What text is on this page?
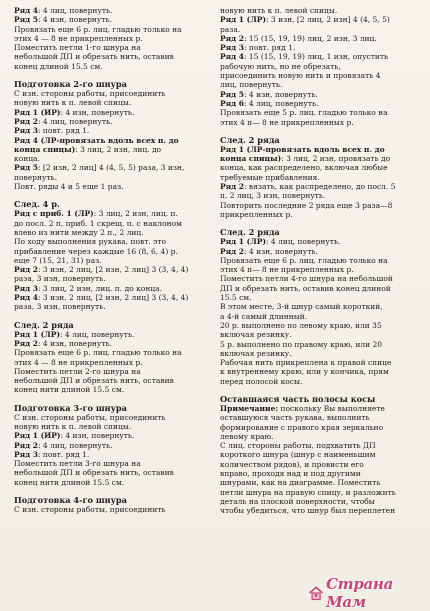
Ряд 4: 4 лиц, повернуть.
Ряд 5: 4 изн, повернуть.
Провязать еще 6 р. лиц. гладью только на
этих 4 — 8 не прикрепленных р.
Поместить петли 1-го шнура на
небольшой ДП и обрезать нить, оставив
конец длиной 15.5 см.
Подготовка 2-го шнура
С изн. стороны работы, присоединить
новую нить к п. левой спицы.
Ряд 1 (ИР): 4 изн, повернуть.
Ряд 2: 4 лиц, повернуть.
Ряд 3: повт. ряд 1.
Ряд 4 (ЛР-провязать вдоль всех п. до
конца спицы): 3 лиц, 2 изн, лиц. до
конца.
Ряд 5: [2 изн, 2 лиц] 4 (4, 5, 5) раза, 3 изн,
повернуть.
Повт. ряды 4 и 5 еще 1 раз.
След. 4 р.
Ряд с приб. 1 (ЛР): 3 лиц, 2 изн, лиц. п.
до посл. 2 п, приб. 1 скрещ. п. с наклоном
влево из нити между 2 п., 2 лиц.
По ходу выполнения рукава, повт. это
прибавление через каждые 16 (8, 6, 4) р.
еще 7 (15, 21, 31) раз.
Ряд 2: 3 изн, 2 лиц, [2 изн, 2 лиц] 3 (3, 4, 4)
раза, 3 изн, повернуть.
Ряд 3: 3 лиц, 2 изн, лиц. п. до конца.
Ряд 4: 3 изн, 2 лиц, [2 изн, 2 лиц] 3 (3, 4, 4)
раза, 3 изн, повернуть.
След. 2 ряда
Ряд 1 (ЛР): 4 лиц, повернуть.
Ряд 2: 4 изн, повернуть.
Провязать еще 6 р. лиц. гладью только на
этих 4 — 8 не прикрепленных р.
Поместить петли 2-го шнура на
небольшой ДП и обрезать нить, оставив
конец нити длиной 15.5 см.
Подготовка 3-го шнура
С изн. стороны работы, присоединить
новую нить к п. левой спицы.
Ряд 1 (ИР): 4 изн, повернуть.
Ряд 2: 4 лиц, повернуть.
Ряд 3: повт. ряд 1.
Поместить петли 3-го шнура на
небольшой ДП и обрезать нить, оставив
конец нити длиной 15.5 см.
Подготовка 4-го шнура
С изн. стороны работы, присоединить
новую нить к п. левой спицы.
Ряд 1 (ЛР): 3 изн, [2 лиц, 2 изн] 4 (4, 5, 5)
раза.
Ряд 2: 15 (15, 19, 19) лиц, 2 изн, 3 лиц.
Ряд 3: повт. ряд 1.
Ряд 4: 15 (15, 19, 19) лиц, 1 изн, опустить
рабочую нить, но не обрезать,
присоединить новую нить и провязать 4
лиц, повернуть.
Ряд 5: 4 изн, повернуть.
Ряд 6: 4 лиц, повернуть.
Провязать еще 5 р. лиц. гладью только на
этих 4 п— 8 не прикрепленных р.
След. 2 ряда
Ряд 1 (ЛР-провязать вдоль всех п. до
конца спицы): 3 лиц, 2 изн, провязать до
конца, как распределено, включая любые
требуемые прибавления.
Ряд 2: вязать, как распределено, до посл. 5
п, 2 лиц, 3 изн, повернуть.
Повторить последние 2 ряда еще 3 раза—8
прикрепленных р.
След. 2 ряда
Ряд 1 (ЛР): 4 лиц, повернуть.
Ряд 2: 4 изн, повернуть.
Провязать еще 6 р. лиц. гладью только на
этих 4 п— 8 не прикрепленных р.
Поместить петли 4-го шнура на небольшой
ДП и обрезать нить, оставив конец длиной
15.5 см.
В этом месте, 3-й шнур самый короткий,
а 4-й самый длинный.
20 р. выполнено по левому краю, или 35
включая резинку.
5 р. выполнено по правому краю, или 20
включая резинку.
Рабочая нить прикреплена к правой спице
к внутреннему краю, или у кончика, прям
перед полосой косы.
Оставшаяся часть полосы косы
Примечание: поскольку Вы выполняете
оставшуюся часть рукава, выполнить
формирование с правого края зеркально
левому краю.
С лиц. стороны работы, подхватить ДП
короткого шнура (шнур с наименьшим
количеством рядов), и провисти его
вправо, проходя над и под другими
шнурами, как на диаграмме. Поместить
петли шнура на правую спицу, и разложить
деталь на плоской поверхности, чтобы
чтобы убедиться, что шнур был переплетен
Страна Мам
